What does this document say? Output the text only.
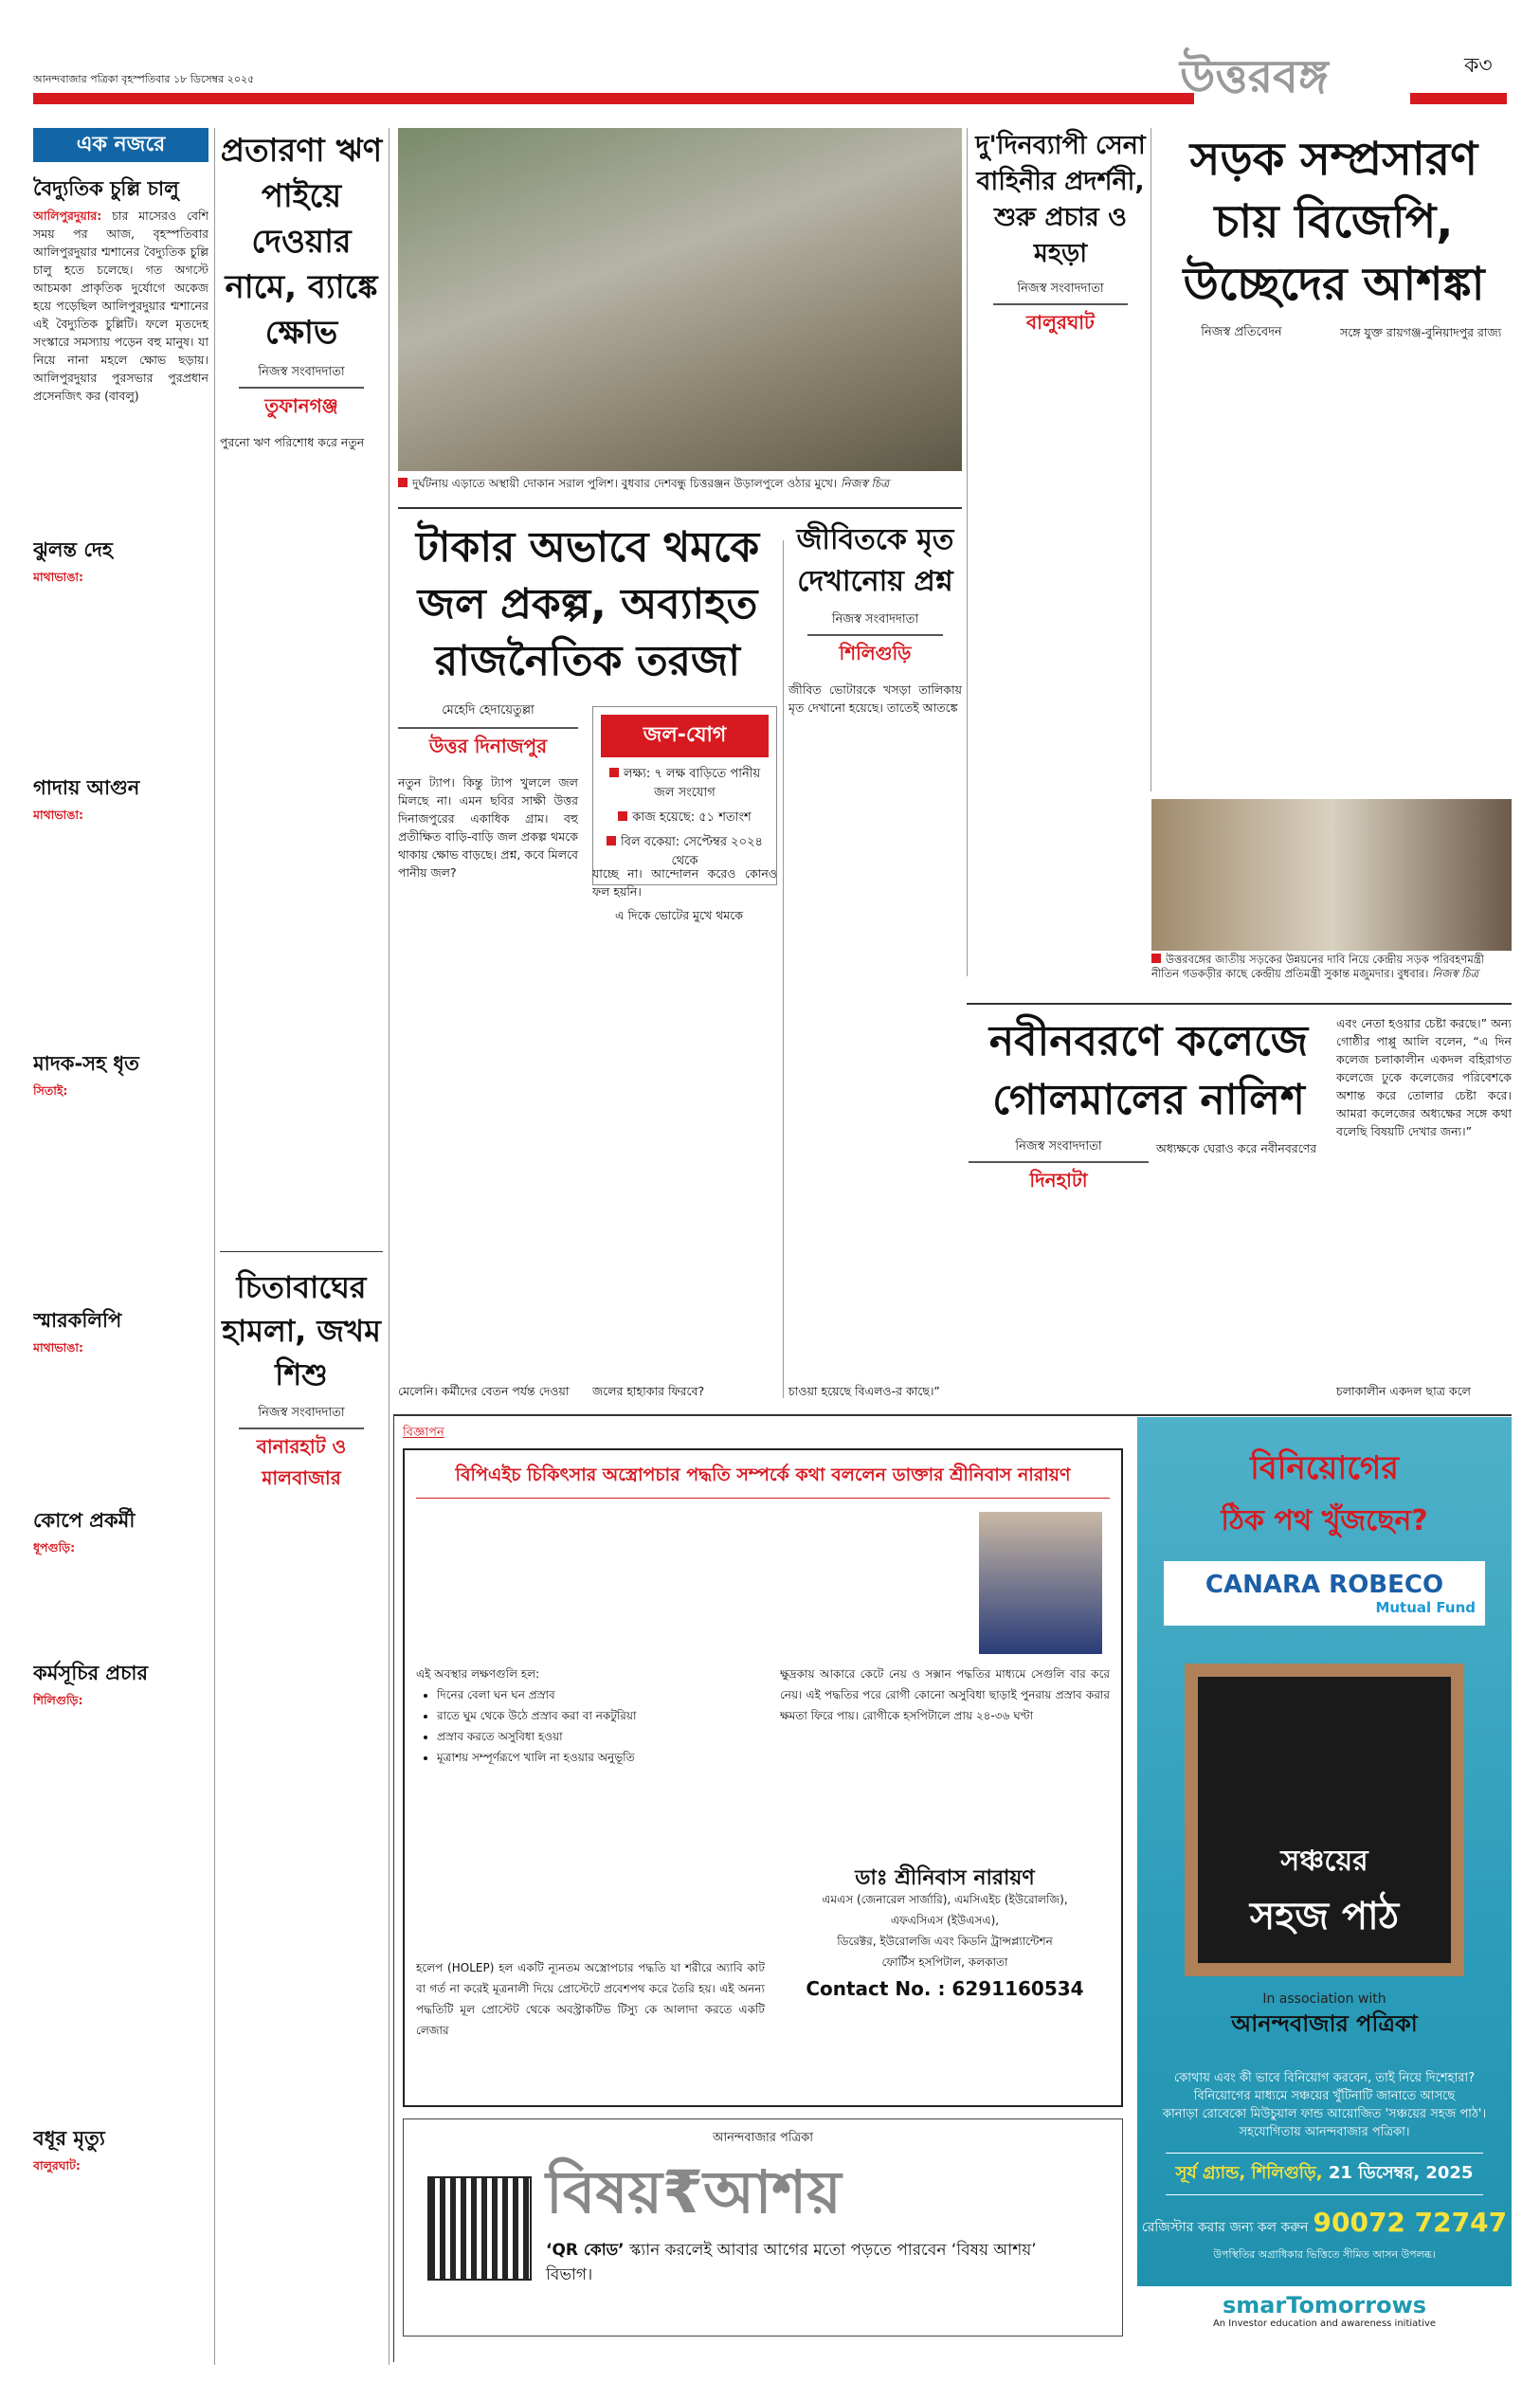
আনন্দবাজার পত্রিকা বৃহস্পতিবার ১৮ ডিসেম্বর ২০২৫	উত্তরবঙ্গ	ক৩
এক নজরে
বৈদ্যুতিক চুল্লি চালু

আলিপুরদুয়ার: চার মাসেরও বেশি সময় পর আজ, বৃহস্পতিবার আলিপুরদুয়ার শ্মশানের বৈদ্যুতিক চুল্লি চালু হতে চলেছে। গত অগস্টে আচমকা প্রাকৃতিক দুর্যোগে অকেজ হয়ে পড়েছিল আলিপুরদুয়ার শ্মশানের এই বৈদ্যুতিক চুল্লিটি। ফলে মৃতদেহ সংস্কারে সমস্যায় পড়েন বহু মানুষ। যা নিয়ে নানা মহলে ক্ষোভ ছড়ায়। আলিপুরদুয়ার পুরসভার পুরপ্রধান প্রসেনজিৎ কর (বাবলু)

ঝুলন্ত দেহ

মাথাভাঙা:

গাদায় আগুন

মাথাভাঙা:

মাদক-সহ ধৃত

সিতাই:

স্মারকলিপি

মাথাভাঙা:

কোপে প্রকর্মী

ধূপগুড়ি:

কর্মসূচির প্রচার

শিলিগুড়ি:

বধূর মৃত্যু

বালুরঘাট:

প্রতারণা ঋণ পাইয়ে দেওয়ার নামে, ব্যাঙ্কে ক্ষোভ
নিজস্ব সংবাদদাতা
তুফানগঞ্জ

পুরনো ঋণ পরিশোধ করে নতুন

চিতাবাঘের হামলা, জখম শিশু
নিজস্ব সংবাদদাতা
বানারহাট ও মালবাজার
দুর্ঘটনায় এড়াতে অস্থায়ী দোকান সরাল পুলিশ। বুধবার দেশবন্ধু চিত্তরঞ্জন উড়ালপুলে ওঠার মুখে। নিজস্ব চিত্র
দু'দিনব্যাপী সেনা বাহিনীর প্রদর্শনী, শুরু প্রচার ও মহড়া
নিজস্ব সংবাদদাতা
বালুরঘাট
সড়ক সম্প্রসারণ চায় বিজেপি, উচ্ছেদের আশঙ্কা
নিজস্ব প্রতিবেদন	সঙ্গে যুক্ত রায়গঞ্জ-বুনিয়াদপুর রাজ্য

উত্তরবঙ্গের জাতীয় সড়কের উন্নয়নের দাবি নিয়ে কেন্দ্রীয় সড়ক পরিবহণমন্ত্রী নীতিন গডকড়ীর কাছে কেন্দ্রীয় প্রতিমন্ত্রী সুকান্ত মজুমদার। বুধবার। নিজস্ব চিত্র
টাকার অভাবে থমকে জল প্রকল্প, অব্যাহত রাজনৈতিক তরজা
মেহেদি হেদায়েতুল্লা
উত্তর দিনাজপুর

নতুন ট্যাপ। কিন্তু ট্যাপ খুললে জল মিলছে না। এমন ছবির সাক্ষী উত্তর দিনাজপুরের একাধিক গ্রাম। বহু প্রতীক্ষিত বাড়ি-বাড়ি জল প্রকল্প থমকে থাকায় ক্ষোভ বাড়ছে। প্রশ্ন, কবে মিলবে পানীয় জল?

জল-যোগ

লক্ষ্য: ৭ লক্ষ বাড়িতে পানীয় জল সংযোগ

কাজ হয়েছে: ৫১ শতাংশ

বিল বকেয়া: সেপ্টেম্বর ২০২৪ থেকে

যাচ্ছে না। আন্দোলন করেও কোনও ফল হয়নি।

এ দিকে ভোটের মুখে থমকে

মেলেনি। কর্মীদের বেতন পর্যন্ত দেওয়া জলের হাহাকার ফিরবে?
জীবিতকে মৃত দেখানোয় প্রশ্ন
নিজস্ব সংবাদদাতা
শিলিগুড়ি

জীবিত ভোটারকে খসড়া তালিকায় মৃত দেখানো হয়েছে। তাতেই আতঙ্কে

চাওয়া হয়েছে বিএলও-র কাছে।”
নবীনবরণে কলেজে গোলমালের নালিশ
নিজস্ব সংবাদদাতা
দিনহাটা

অধ্যক্ষকে ঘেরাও করে নবীনবরণের

এবং নেতা হওয়ার চেষ্টা করছে।” অন্য গোষ্ঠীর পাপ্পু আলি বলেন, “এ দিন কলেজ চলাকালীন একদল বহিরাগত কলেজে ঢুকে কলেজের পরিবেশকে অশান্ত করে তোলার চেষ্টা করে। আমরা কলেজের অধ্যক্ষের সঙ্গে কথা বলেছি বিষয়টি দেখার জন্য।”

চলাকালীন একদল ছাত্র কলে
বিজ্ঞাপন
বিপিএইচ চিকিৎসার অস্ত্রোপচার পদ্ধতি সম্পর্কে কথা বললেন ডাক্তার শ্রীনিবাস নারায়ণ
এই অবস্থার লক্ষণগুলি হল:
• দিনের বেলা ঘন ঘন প্রস্রাব
• রাতে ঘুম থেকে উঠে প্রস্রাব করা বা নকটুরিয়া
• প্রস্রাব করতে অসুবিধা হওয়া
• মূত্রাশয় সম্পূর্ণরূপে খালি না হওয়ার অনুভূতি
হলেপ (HOLEP) হল একটি ন্যূনতম অস্ত্রোপচার পদ্ধতি যা শরীরে অ্যাবি কাট বা গর্ত না করেই মূত্রনালী দিয়ে প্রোস্টেটে প্রবেশপথ করে তৈরি হয়। এই অনন্য পদ্ধতিটি মূল প্রোস্টেট থেকে অবস্ট্রাকটিভ টিস্যু কে আলাদা করতে একটি লেজার
ক্ষুদ্রকায় আকারে কেটে নেয় ও সক্সান পদ্ধতির মাধ্যমে সেগুলি বার করে নেয়। এই পদ্ধতির পরে রোগী কোনো অসুবিধা ছাড়াই পুনরায় প্রস্রাব করার ক্ষমতা ফিরে পায়। রোগীকে হসপিটালে প্রায় ২৪-৩৬ ঘণ্টা
ডাঃ শ্রীনিবাস নারায়ণ
এমএস (জেনারেল সার্জারি), এমসিএইচ (ইউরোলজি),
এফএসিএস (ইউএসএ),
ডিরেক্টর, ইউরোলজি এবং কিডনি ট্রান্সপ্ল্যান্টেশন
ফোর্টিস হসপিটাল, কলকাতা
Contact No. : 6291160534
আনন্দবাজার পত্রিকা
বিষয়₹আশয়
‘QR কোড’ স্ক্যান করলেই আবার আগের মতো পড়তে পারবেন ‘বিষয় আশয়’ বিভাগ।
বিনিয়োগের
ঠিক পথ খুঁজছেন?
CANARA ROBECO
Mutual Fund
সঞ্চয়ের
সহজ পাঠ
In association with
আনন্দবাজার পত্রিকা
কোথায় এবং কী ভাবে বিনিয়োগ করবেন, তাই নিয়ে দিশেহারা?
বিনিয়োগের মাধ্যমে সঞ্চয়ের খুঁটিনাটি জানাতে আসছে
কানাড়া রোবেকো মিউচুয়াল ফান্ড আয়োজিত 'সঞ্চয়ের সহজ পাঠ'।
সহযোগিতায় আনন্দবাজার পত্রিকা।
সূর্য গ্র্যান্ড, শিলিগুড়ি, 21 ডিসেম্বর, 2025
রেজিস্টার করার জন্য কল করুন 90072 72747
উপস্থিতির অগ্রাধিকার ভিত্তিতে সীমিত আসন উপলব্ধ।
smarTomorrows
An Investor education and awareness initiative
